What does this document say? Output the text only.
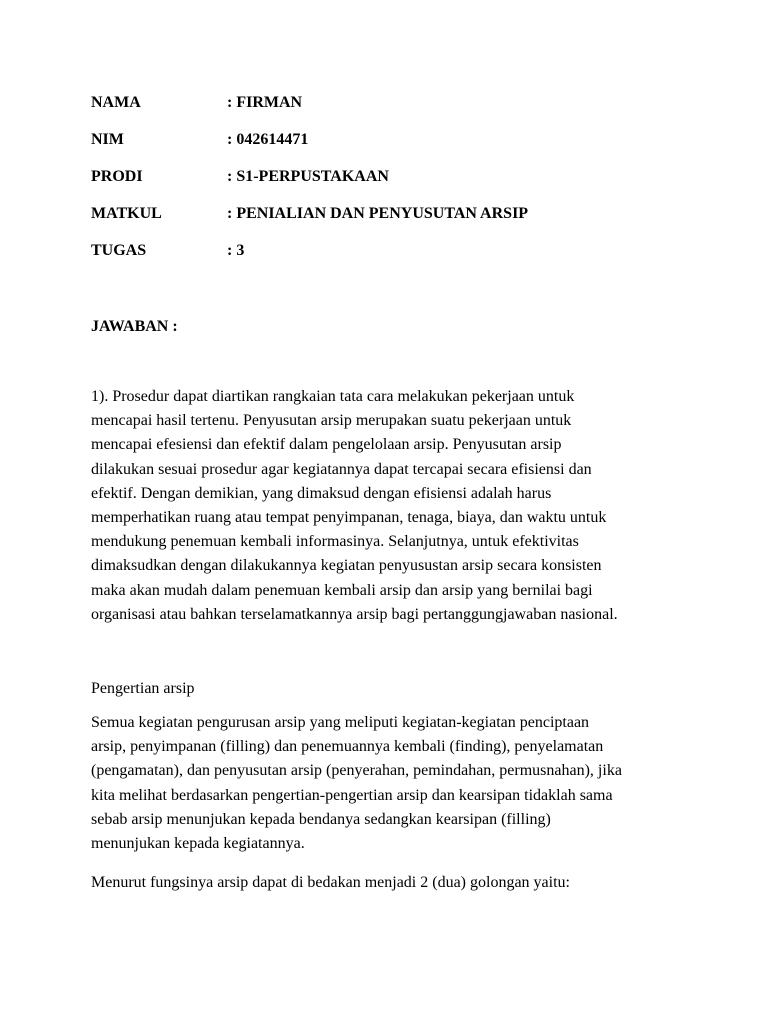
NAMA	: FIRMAN
NIM	: 042614471
PRODI	: S1-PERPUSTAKAAN
MATKUL	: PENIALIAN DAN PENYUSUTAN ARSIP
TUGAS	: 3
JAWABAN :
1). Prosedur dapat diartikan rangkaian tata cara melakukan pekerjaan untuk
mencapai hasil tertenu. Penyusutan arsip merupakan suatu pekerjaan untuk
mencapai efesiensi dan efektif dalam pengelolaan arsip. Penyusutan arsip
dilakukan sesuai prosedur agar kegiatannya dapat tercapai secara efisiensi dan
efektif. Dengan demikian, yang dimaksud dengan efisiensi adalah harus
memperhatikan ruang atau tempat penyimpanan, tenaga, biaya, dan waktu untuk
mendukung penemuan kembali informasinya. Selanjutnya, untuk efektivitas
dimaksudkan dengan dilakukannya kegiatan penyusustan arsip secara konsisten
maka akan mudah dalam penemuan kembali arsip dan arsip yang bernilai bagi
organisasi atau bahkan terselamatkannya arsip bagi pertanggungjawaban nasional.
Pengertian arsip
Semua kegiatan pengurusan arsip yang meliputi kegiatan-kegiatan penciptaan
arsip, penyimpanan (filling) dan penemuannya kembali (finding), penyelamatan
(pengamatan), dan penyusutan arsip (penyerahan, pemindahan, permusnahan), jika
kita melihat berdasarkan pengertian-pengertian arsip dan kearsipan tidaklah sama
sebab arsip menunjukan kepada bendanya sedangkan kearsipan (filling)
menunjukan kepada kegiatannya.
Menurut fungsinya arsip dapat di bedakan menjadi 2 (dua) golongan yaitu:
